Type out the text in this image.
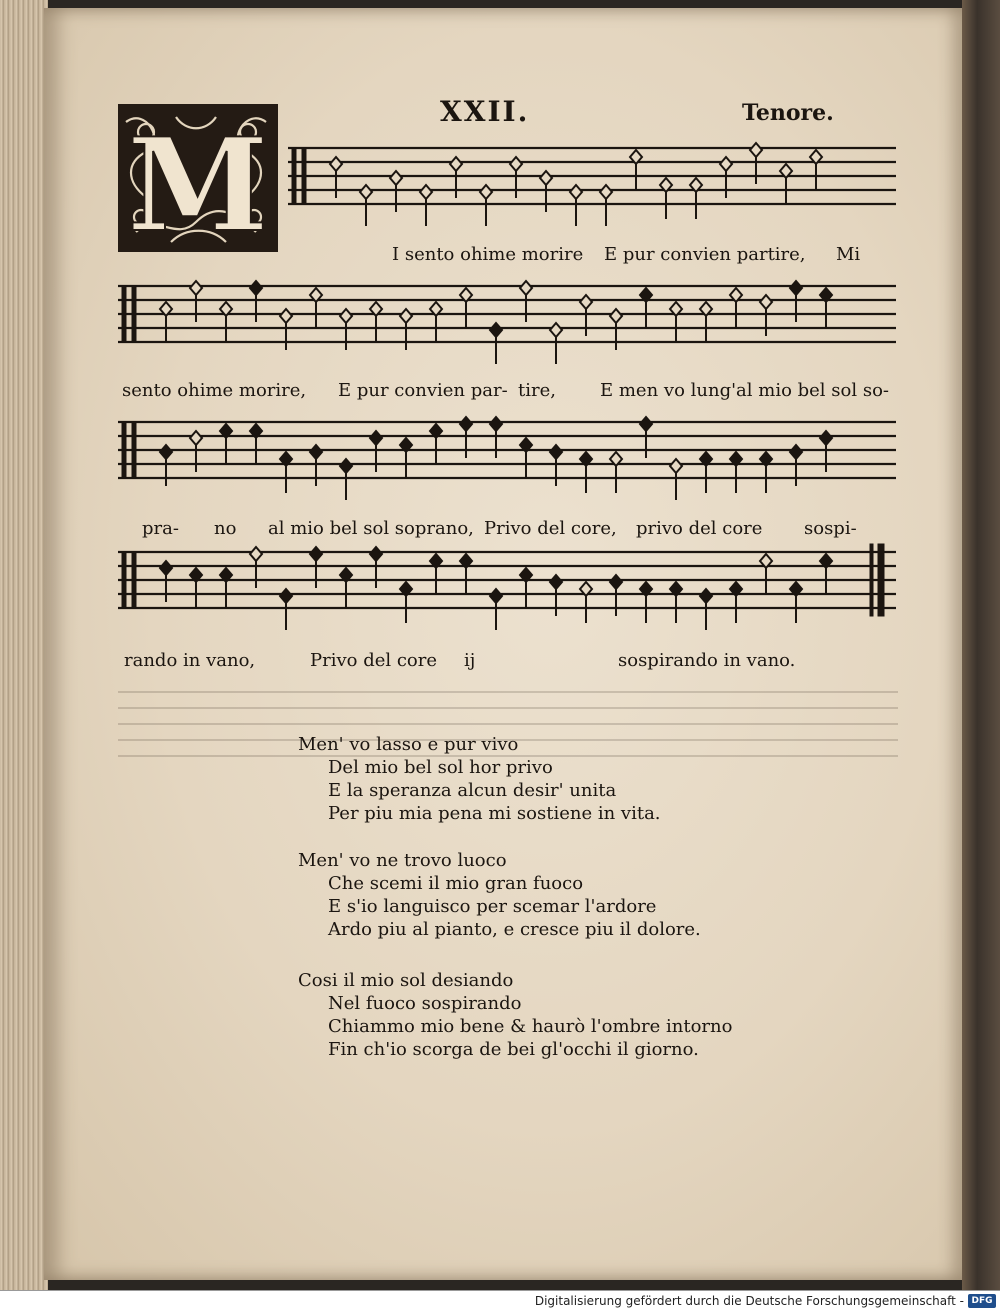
XXII.	Tenore.
M	I sento ohime morire E pur convien partire, Mi
sento ohime morire, E pur convien par- tire, E men vo lung'al mio bel sol so-
pra- no al mio bel sol soprano, Privo del core, privo del core sospi-
rando in vano,	Privo del core ij	sospirando in vano.
Men' vo lasso e pur vivo
Del mio bel sol hor privo
E la speranza alcun desir' unita
Per piu mia pena mi sostiene in vita.
Men' vo ne trovo luoco
Che scemi il mio gran fuoco
E s'io languisco per scemar l'ardore
Ardo piu al pianto, e cresce piu il dolore.
Cosi il mio sol desiando
Nel fuoco sospirando
Chiammo mio bene & haurò l'ombre intorno
Fin ch'io scorga de bei gl'occhi il giorno.
Digitalisierung gefördert durch die Deutsche Forschungsgemeinschaft - DFG
